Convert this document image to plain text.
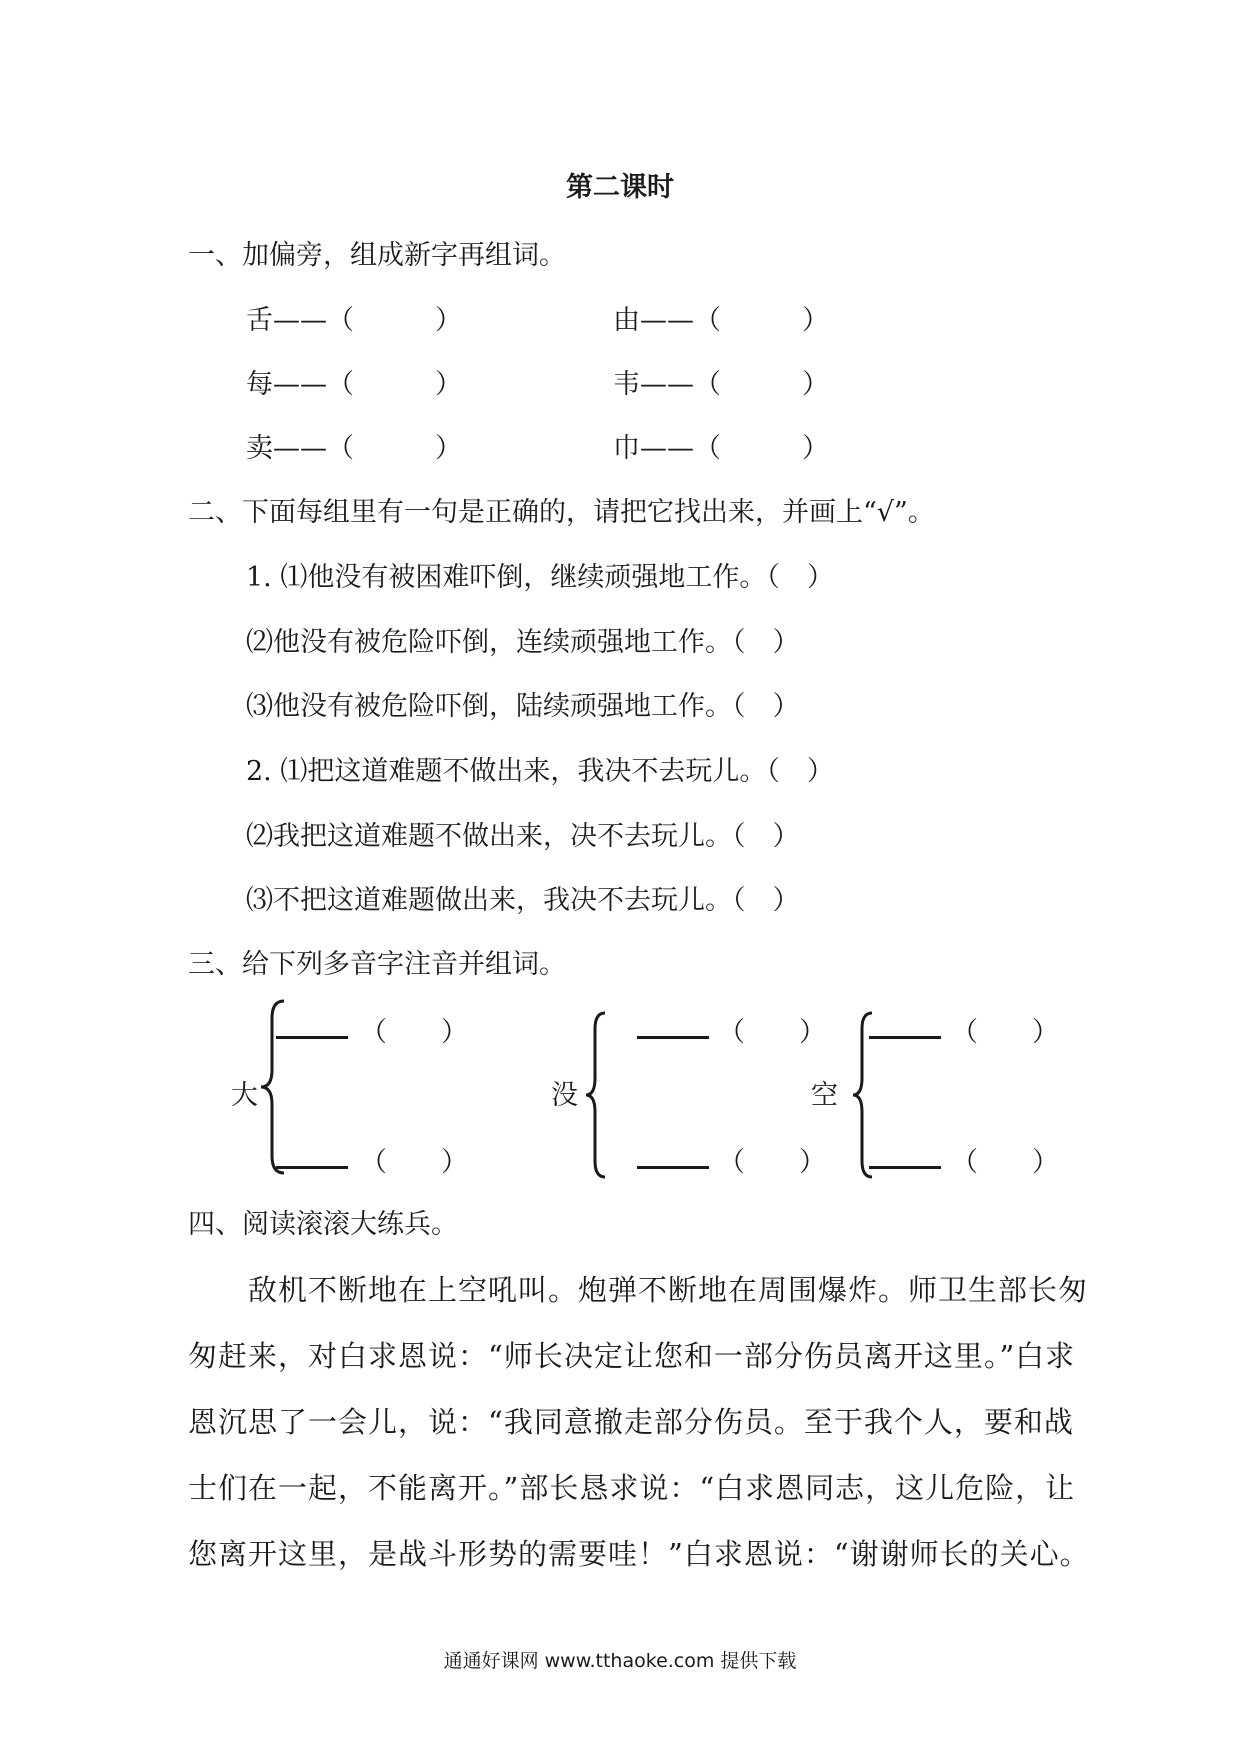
第二课时
一、加偏旁，组成新字再组词。
舌——（　　　）	由——（　　　）
每——（　　　）	韦——（　　　）
卖——（　　　）	巾——（　　　）
二、下面每组里有一句是正确的，请把它找出来，并画上“√”。
1. ⑴他没有被困难吓倒，继续顽强地工作。（　）
⑵他没有被危险吓倒，连续顽强地工作。（　）
⑶他没有被危险吓倒，陆续顽强地工作。（　）
2. ⑴把这道难题不做出来，我决不去玩儿。（　）
⑵我把这道难题不做出来，决不去玩儿。（　）
⑶不把这道难题做出来，我决不去玩儿。（　）
三、给下列多音字注音并组词。
大
（　　）
（　　）
没
（　　）
（　　）
空
（　　）
（　　）
四、阅读滚滚大练兵。
　　敌机不断地在上空吼叫。炮弹不断地在周围爆炸。师卫生部长匆
匆赶来，对白求恩说：“师长决定让您和一部分伤员离开这里。”白求
恩沉思了一会儿，说：“我同意撤走部分伤员。至于我个人，要和战
士们在一起，不能离开。”部长恳求说：“白求恩同志，这儿危险，让
您离开这里，是战斗形势的需要哇！”白求恩说：“谢谢师长的关心。
通通好课网 www.tthaoke.com 提供下载
